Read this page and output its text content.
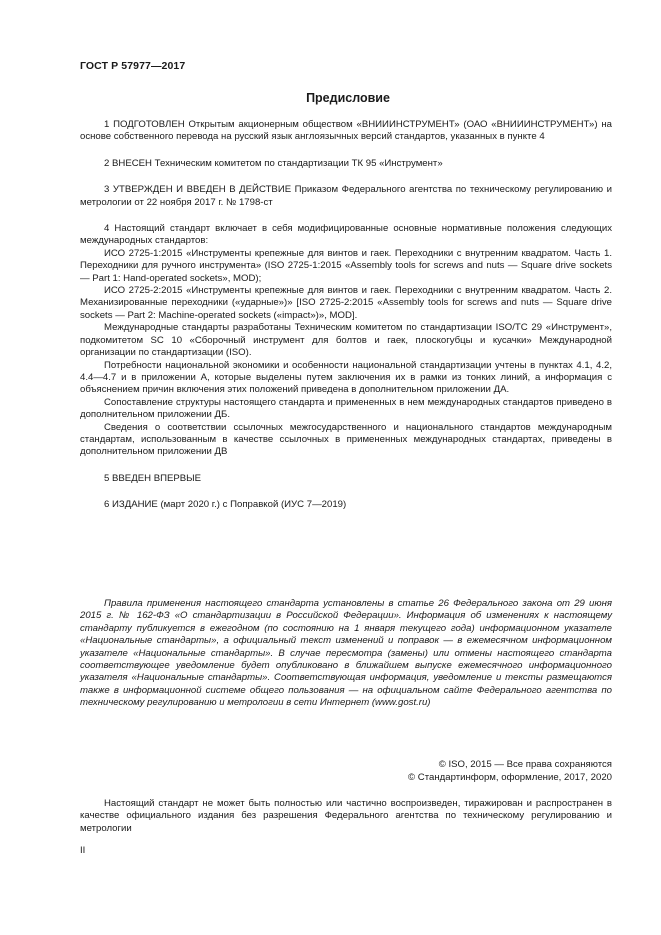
ГОСТ Р 57977—2017
Предисловие

1 ПОДГОТОВЛЕН Открытым акционерным обществом «ВНИИИНСТРУМЕНТ» (ОАО «ВНИИИНСТРУМЕНТ») на основе собственного перевода на русский язык англоязычных версий стандартов, указанных в пункте 4

2 ВНЕСЕН Техническим комитетом по стандартизации ТК 95 «Инструмент»

3 УТВЕРЖДЕН И ВВЕДЕН В ДЕЙСТВИЕ Приказом Федерального агентства по техническому регулированию и метрологии от 22 ноября 2017 г. № 1798-ст

4 Настоящий стандарт включает в себя модифицированные основные нормативные положения следующих международных стандартов:

ИСО 2725-1:2015 «Инструменты крепежные для винтов и гаек. Переходники с внутренним квадратом. Часть 1. Переходники для ручного инструмента» (ISO 2725-1:2015 «Assembly tools for screws and nuts — Square drive sockets — Part 1: Hand-operated sockets», MOD);

ИСО 2725-2:2015 «Инструменты крепежные для винтов и гаек. Переходники с внутренним квадратом. Часть 2. Механизированные переходники («ударные»)» [ISO 2725-2:2015 «Assembly tools for screws and nuts — Square drive sockets — Part 2: Machine-operated sockets («impact»)», MOD].

Международные стандарты разработаны Техническим комитетом по стандартизации ISO/TC 29 «Инструмент», подкомитетом SC 10 «Сборочный инструмент для болтов и гаек, плоскогубцы и кусачки» Международной организации по стандартизации (ISO).

Потребности национальной экономики и особенности национальной стандартизации учтены в пунктах 4.1, 4.2, 4.4—4.7 и в приложении А, которые выделены путем заключения их в рамки из тонких линий, а информация с объяснением причин включения этих положений приведена в дополнительном приложении ДА.

Сопоставление структуры настоящего стандарта и примененных в нем международных стандартов приведено в дополнительном приложении ДБ.

Сведения о соответствии ссылочных межгосударственного и национального стандартов международным стандартам, использованным в качестве ссылочных в примененных международных стандартах, приведены в дополнительном приложении ДВ

5 ВВЕДЕН ВПЕРВЫЕ

6 ИЗДАНИЕ (март 2020 г.) с Поправкой (ИУС 7—2019)

Правила применения настоящего стандарта установлены в статье 26 Федерального закона от 29 июня 2015 г. № 162-ФЗ «О стандартизации в Российской Федерации». Информация об изменениях к настоящему стандарту публикуется в ежегодном (по состоянию на 1 января текущего года) информационном указателе «Национальные стандарты», а официальный текст изменений и поправок — в ежемесячном информационном указателе «Национальные стандарты». В случае пересмотра (замены) или отмены настоящего стандарта соответствующее уведомление будет опубликовано в ближайшем выпуске ежемесячного информационного указателя «Национальные стандарты». Соответствующая информация, уведомление и тексты размещаются также в информационной системе общего пользования — на официальном сайте Федерального агентства по техническому регулированию и метрологии в сети Интернет (www.gost.ru)

© ISO, 2015 — Все права сохраняются
© Стандартинформ, оформление, 2017, 2020

Настоящий стандарт не может быть полностью или частично воспроизведен, тиражирован и распространен в качестве официального издания без разрешения Федерального агентства по техническому регулированию и метрологии

II
